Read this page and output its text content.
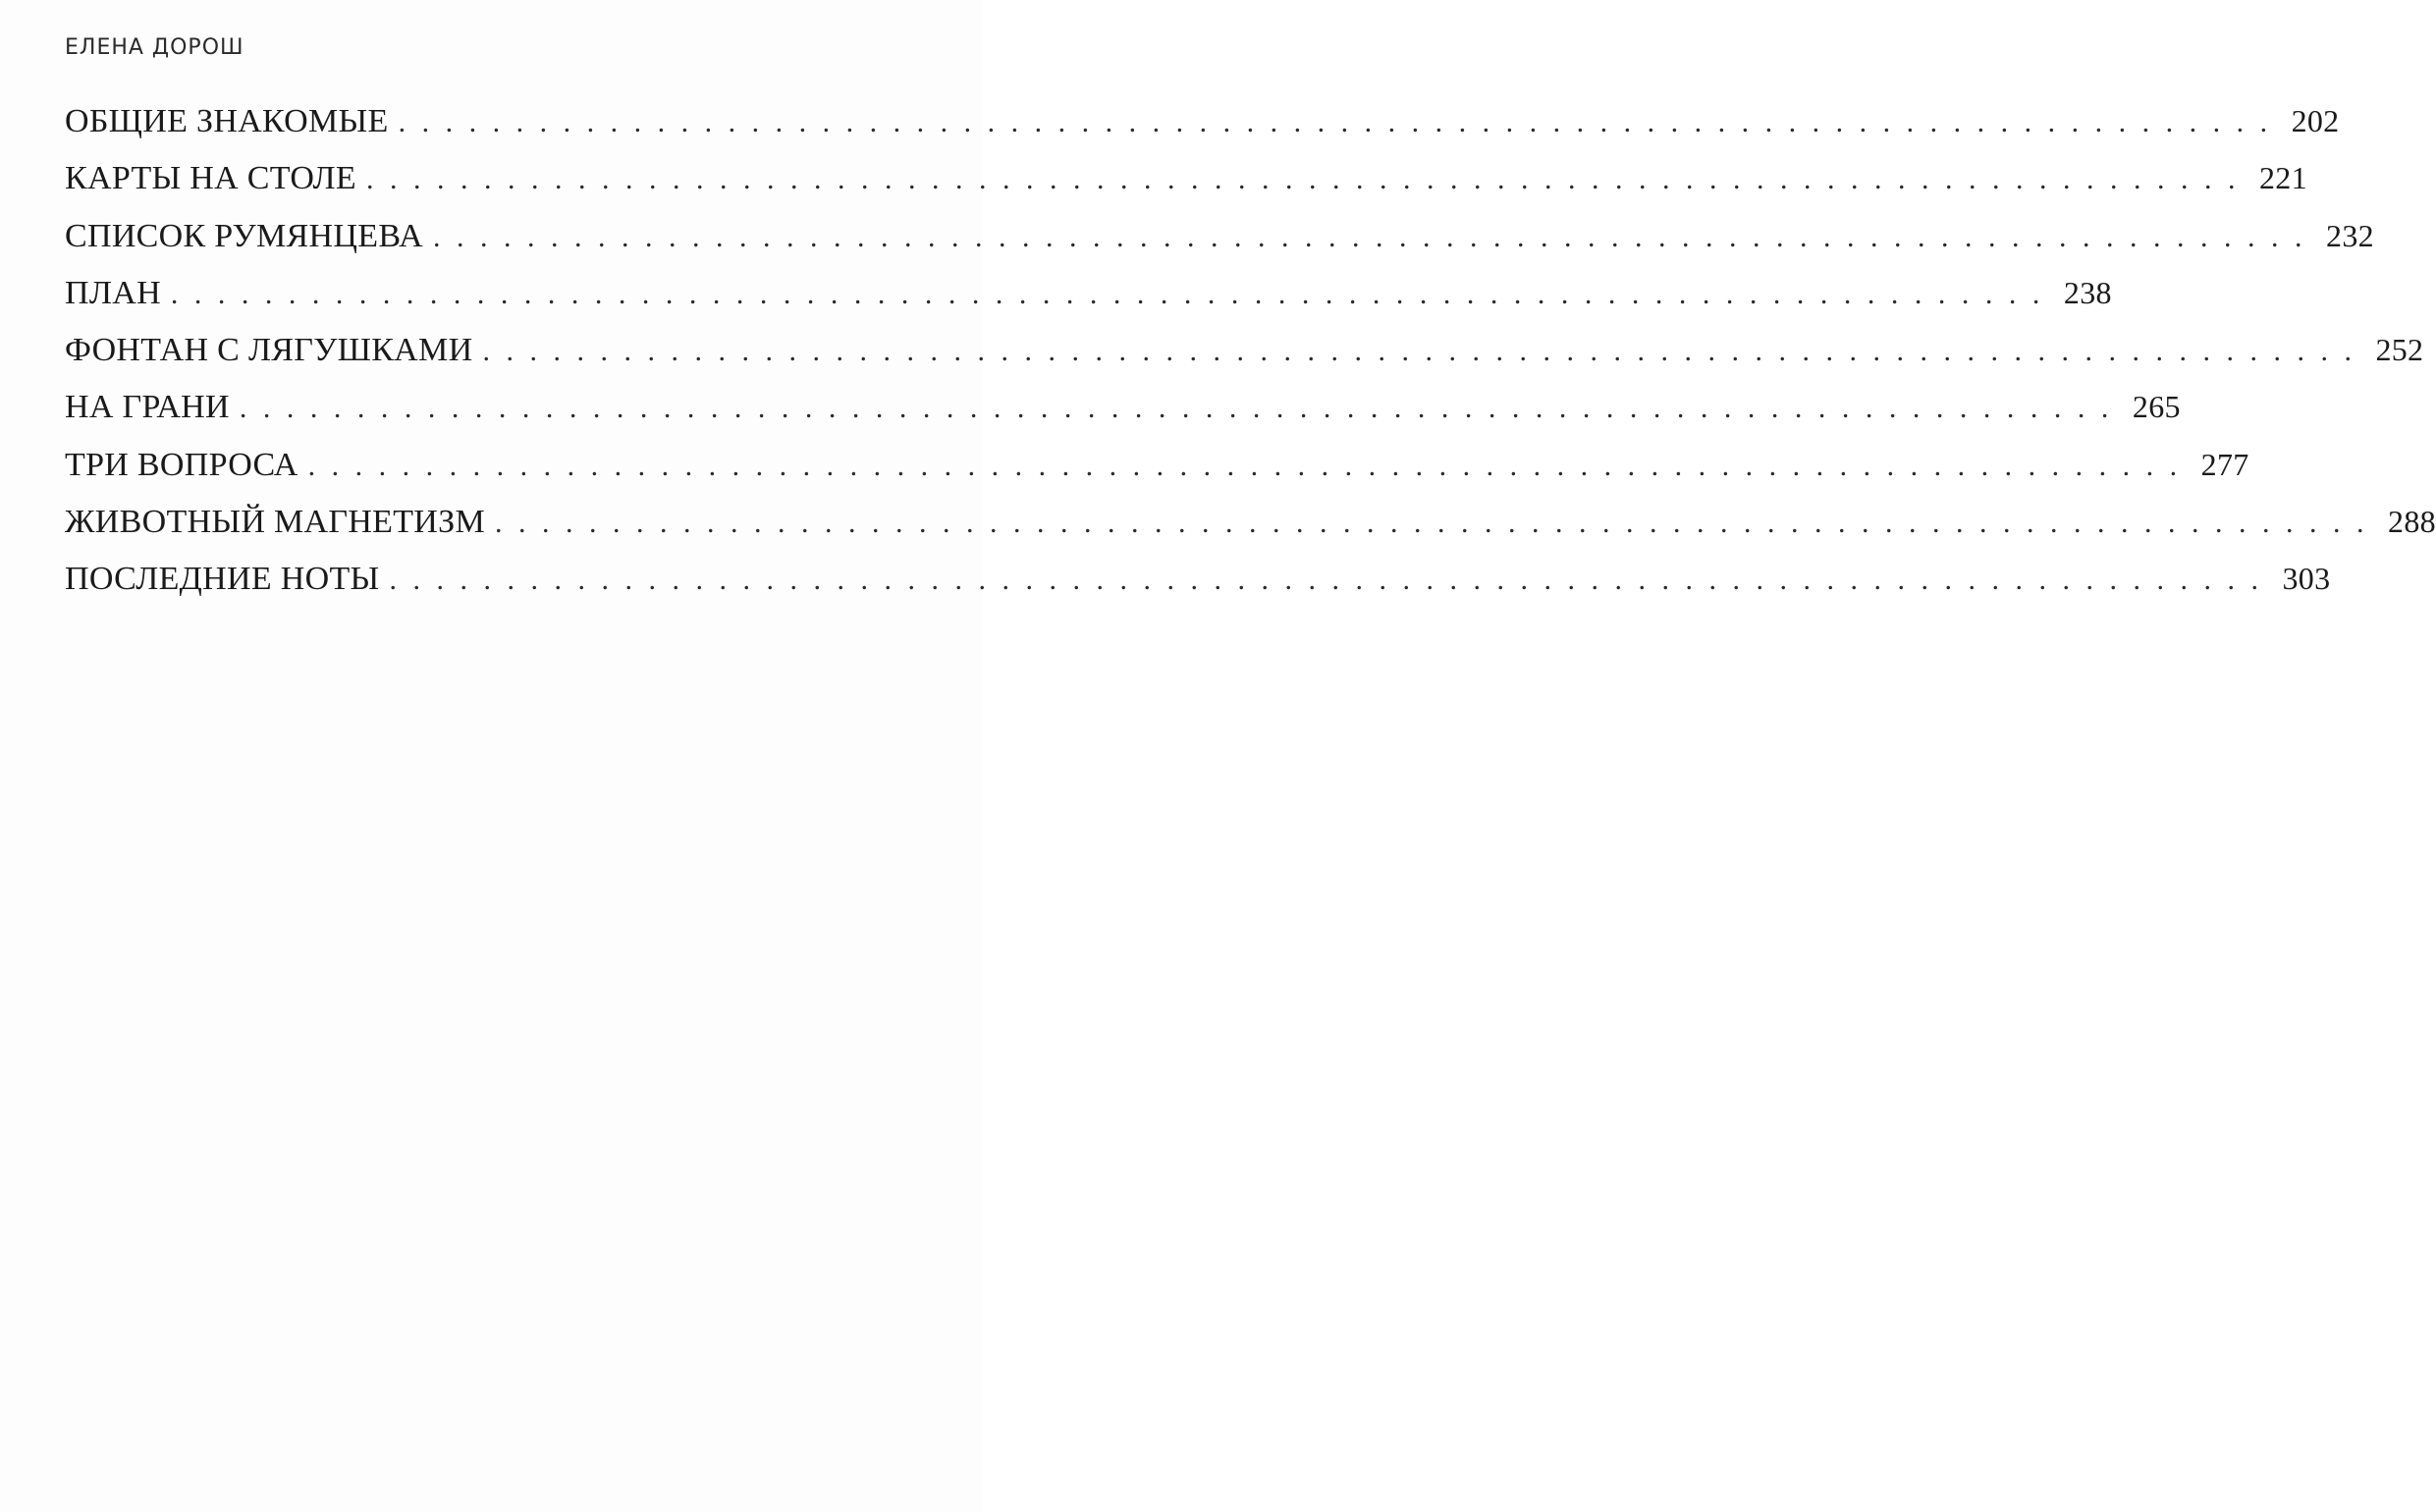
ЕЛЕНА ДОРОШ
ОБЩИЕ ЗНАКОМЫЕ ................................................................................ 202
КАРТЫ НА СТОЛЕ ................................................................................ 221
СПИСОК РУМЯНЦЕВА ................................................................................ 232
ПЛАН ................................................................................ 238
ФОНТАН С ЛЯГУШКАМИ ................................................................................ 252
НА ГРАНИ ................................................................................ 265
ТРИ ВОПРОСА ................................................................................ 277
ЖИВОТНЫЙ МАГНЕТИЗМ ................................................................................ 288
ПОСЛЕДНИЕ НОТЫ ................................................................................ 303
